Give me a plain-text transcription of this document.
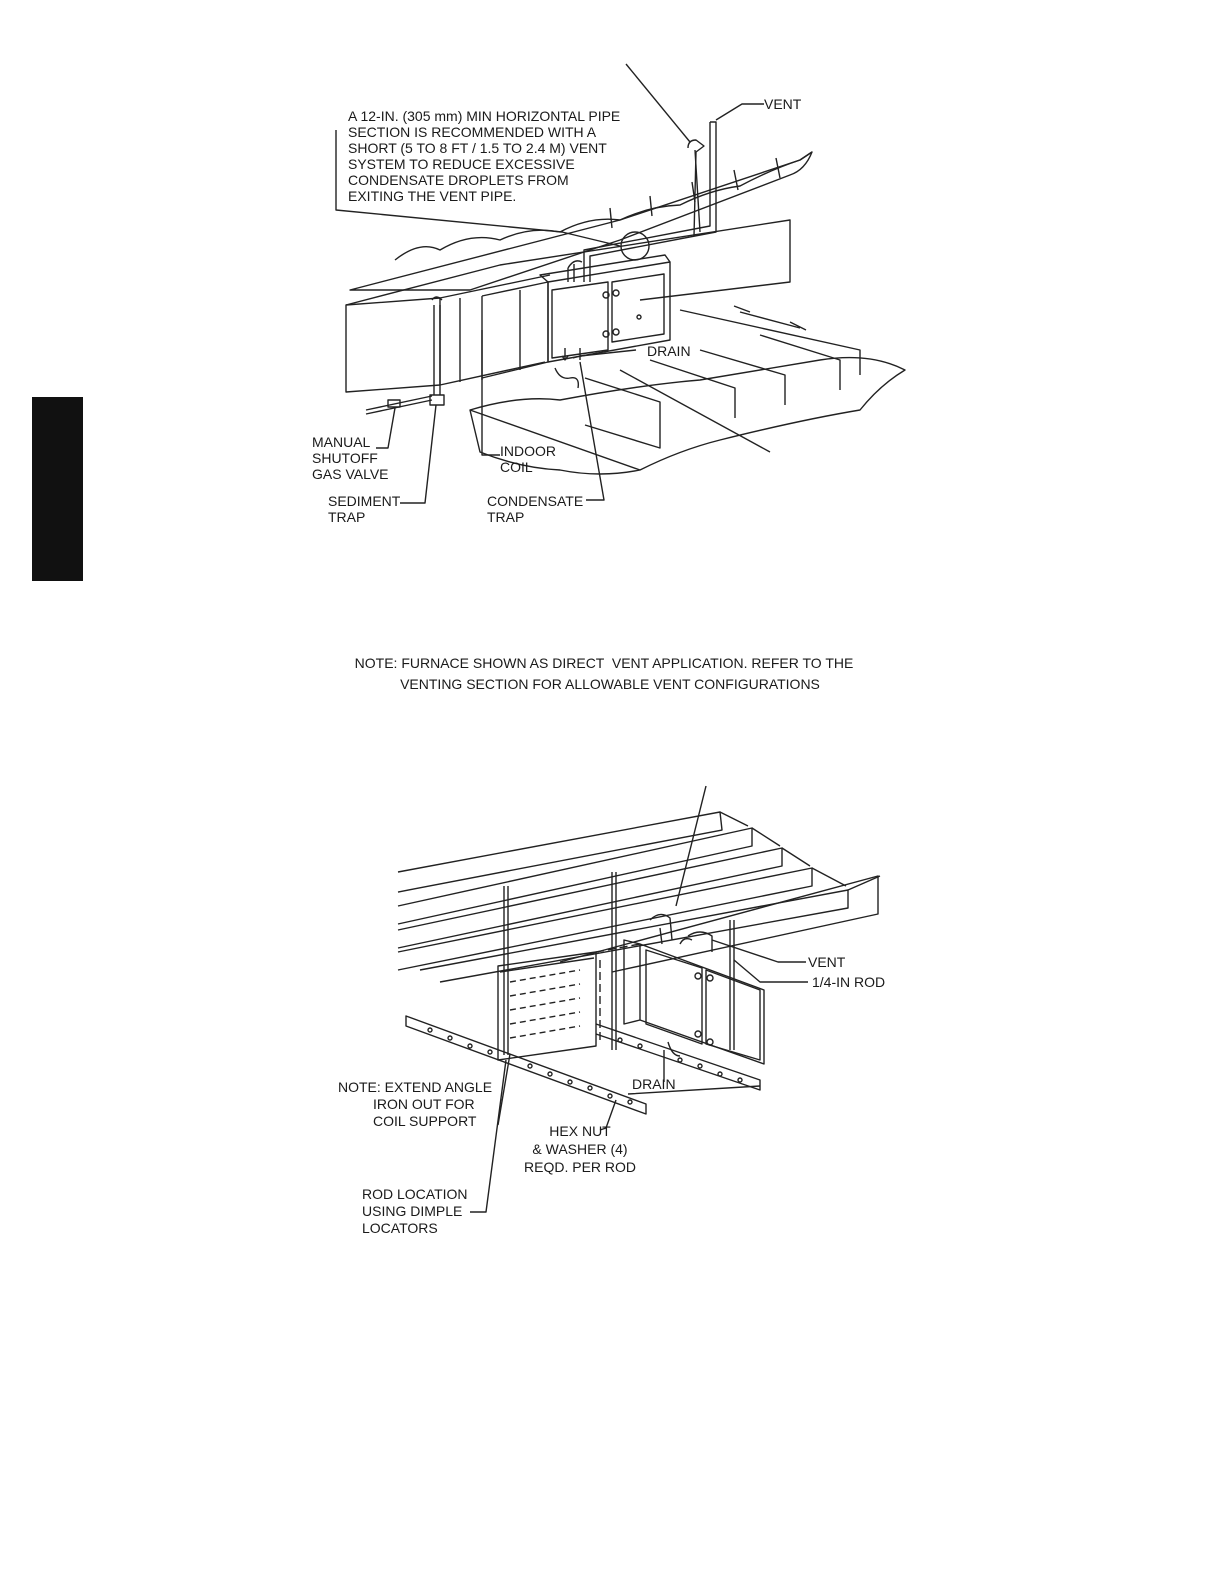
VENT
A 12-IN. (305 mm) MIN HORIZONTAL PIPE
SECTION IS RECOMMENDED WITH A
SHORT (5 TO 8 FT / 1.5 TO 2.4 M) VENT
SYSTEM TO REDUCE EXCESSIVE
CONDENSATE DROPLETS FROM
EXITING THE VENT PIPE.
DRAIN
MANUAL
SHUTOFF
GAS VALVE
SEDIMENT
TRAP
INDOOR
COIL
CONDENSATE
TRAP
NOTE: FURNACE SHOWN AS DIRECT  VENT APPLICATION. REFER TO THE
VENTING SECTION FOR ALLOWABLE VENT CONFIGURATIONS
VENT
1/4-IN ROD
DRAIN
NOTE: EXTEND ANGLE
IRON OUT FOR
COIL SUPPORT
HEX NUT
& WASHER (4)
REQD. PER ROD
ROD LOCATION
USING DIMPLE
LOCATORS
